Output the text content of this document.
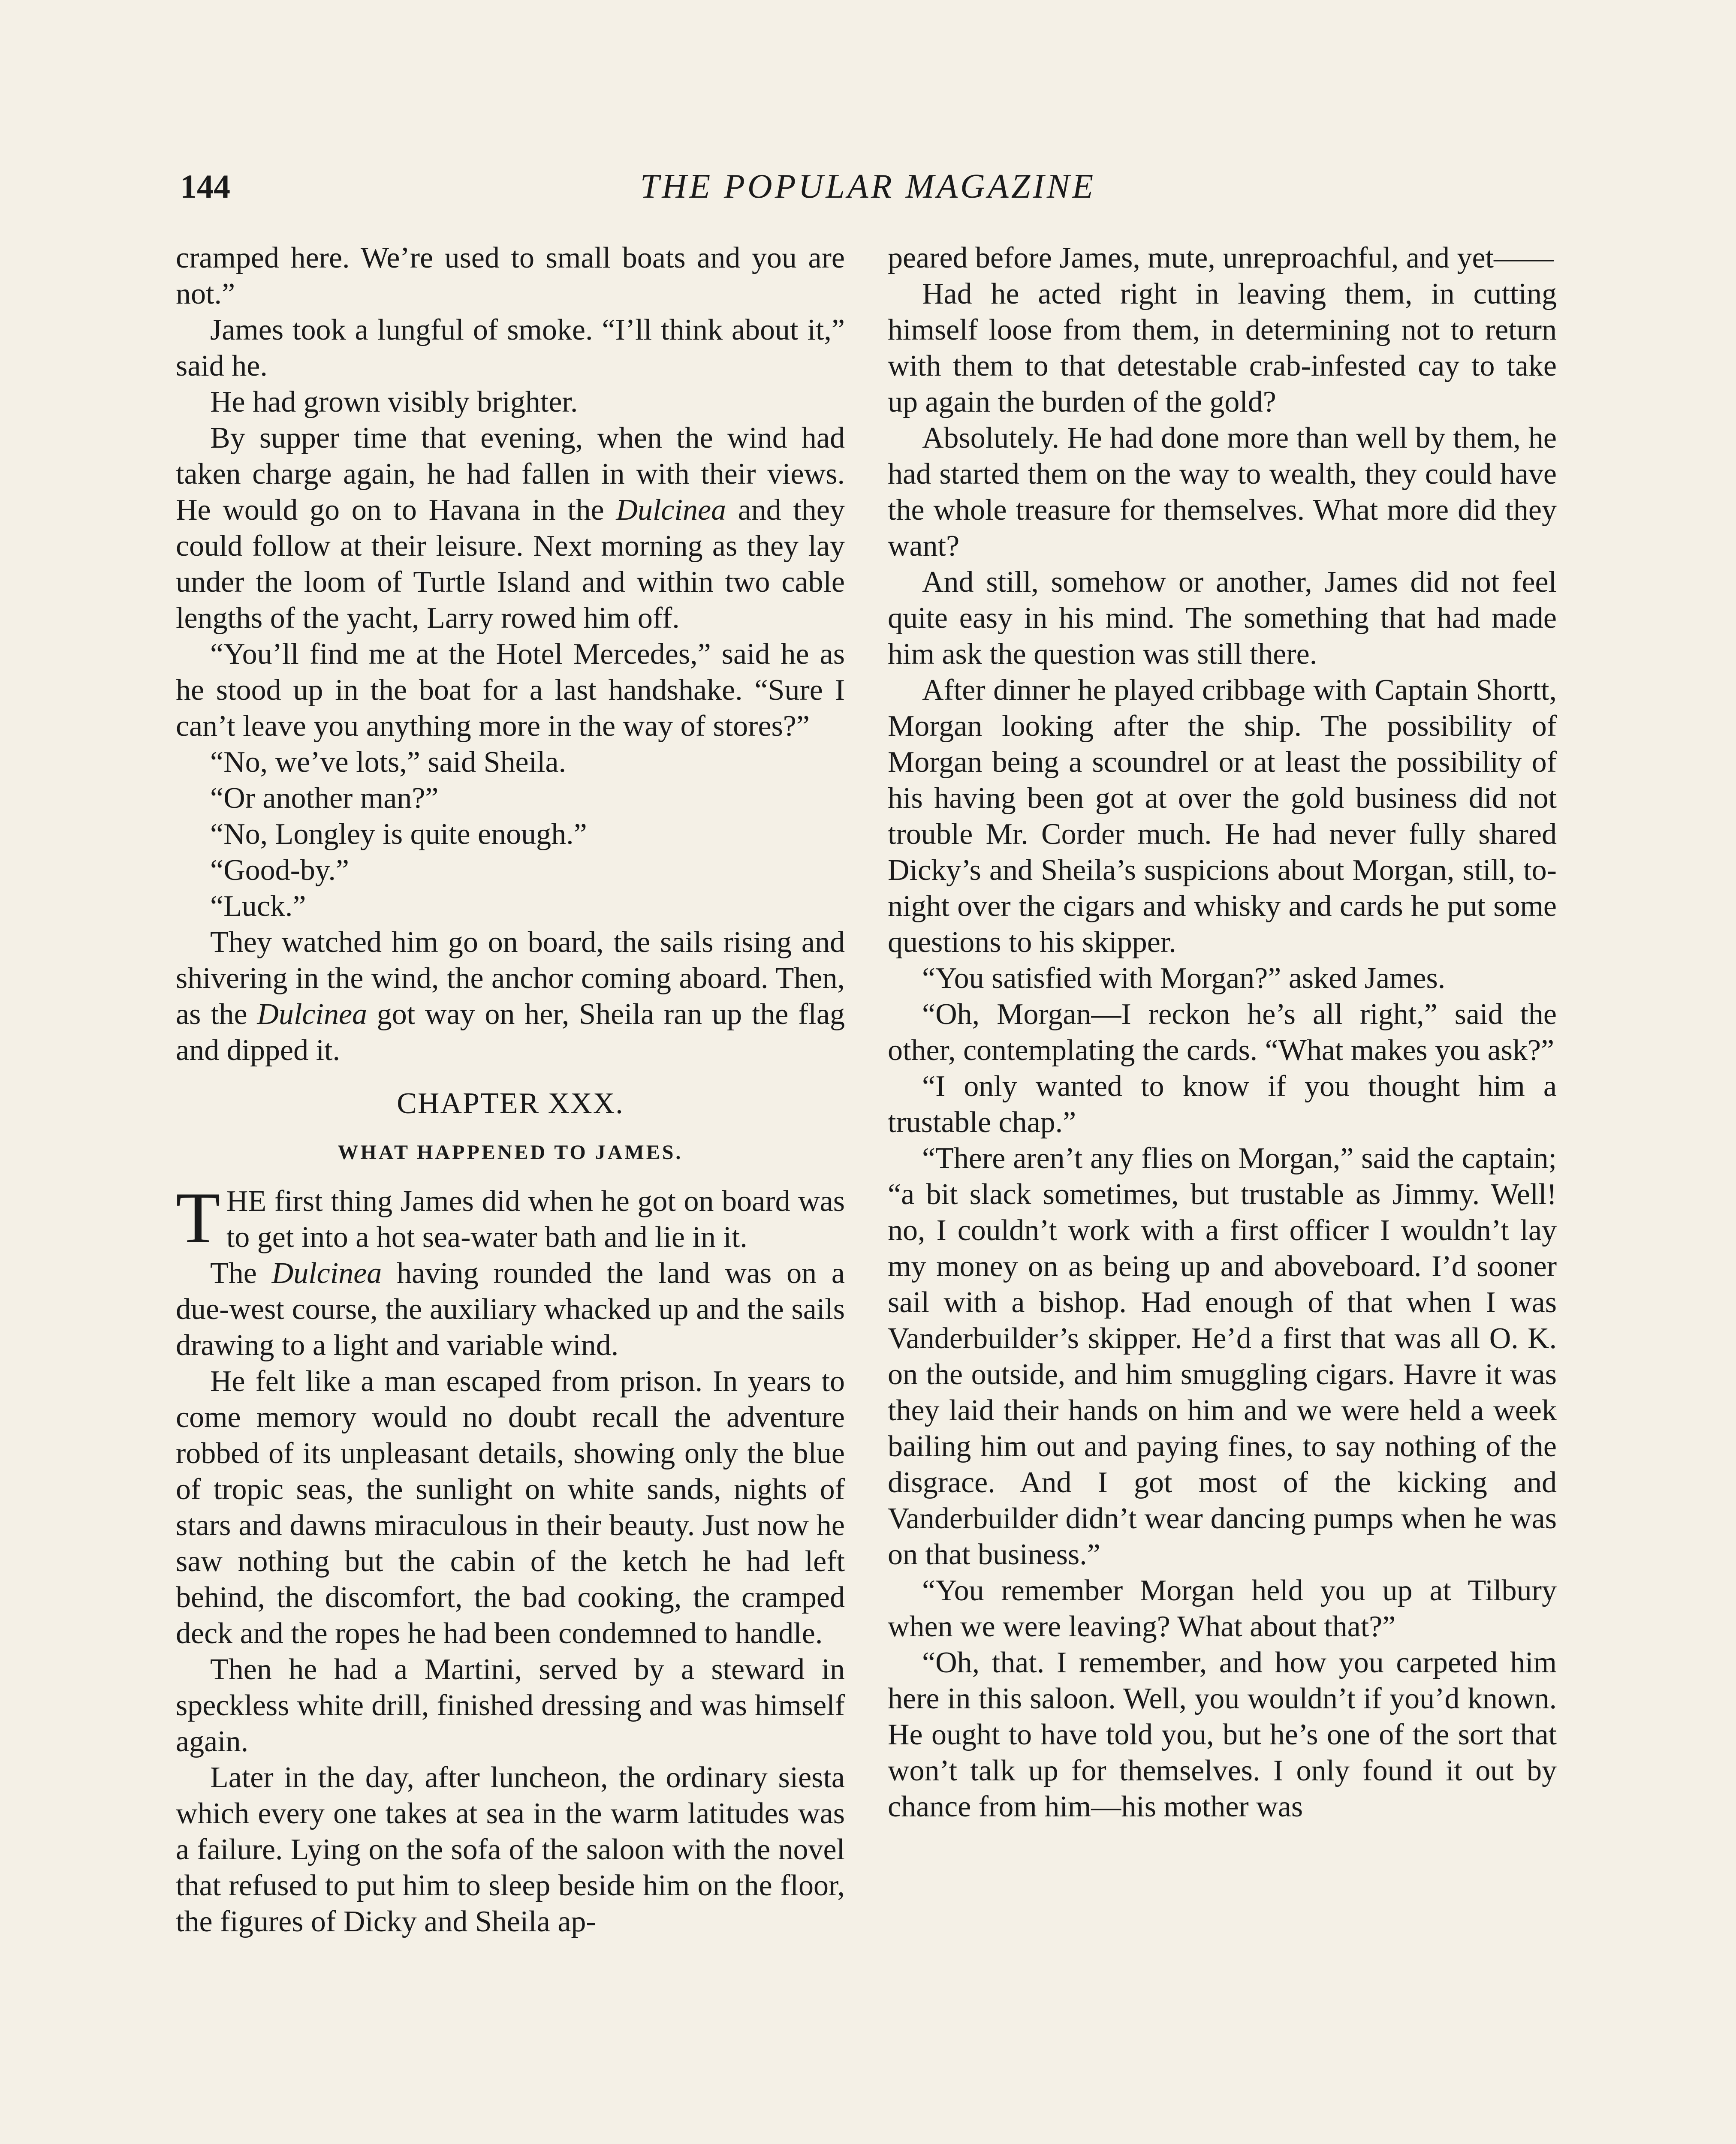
144	THE POPULAR MAGAZINE

cramped here. We’re used to small boats and you are not.”

James took a lungful of smoke. “I’ll think about it,” said he.

He had grown visibly brighter.

By supper time that evening, when the wind had taken charge again, he had fallen in with their views. He would go on to Havana in the Dulcinea and they could follow at their leisure. Next morning as they lay under the loom of Turtle Island and within two cable lengths of the yacht, Larry rowed him off.

“You’ll find me at the Hotel Mercedes,” said he as he stood up in the boat for a last handshake. “Sure I can’t leave you anything more in the way of stores?”

“No, we’ve lots,” said Sheila.

“Or another man?”

“No, Longley is quite enough.”

“Good-by.”

“Luck.”

They watched him go on board, the sails rising and shivering in the wind, the anchor coming aboard. Then, as the Dulcinea got way on her, Sheila ran up the flag and dipped it.

CHAPTER XXX.
WHAT HAPPENED TO JAMES.

THE first thing James did when he got on board was to get into a hot sea-water bath and lie in it.

The Dulcinea having rounded the land was on a due-west course, the auxiliary whacked up and the sails drawing to a light and variable wind.

He felt like a man escaped from prison. In years to come memory would no doubt recall the adventure robbed of its unpleasant details, showing only the blue of tropic seas, the sunlight on white sands, nights of stars and dawns miraculous in their beauty. Just now he saw nothing but the cabin of the ketch he had left behind, the discomfort, the bad cooking, the cramped deck and the ropes he had been condemned to handle.

Then he had a Martini, served by a steward in speckless white drill, finished dressing and was himself again.

Later in the day, after luncheon, the ordinary siesta which every one takes at sea in the warm latitudes was a failure. Lying on the sofa of the saloon with the novel that refused to put him to sleep beside him on the floor, the figures of Dicky and Sheila ap-

peared before James, mute, unreproachful, and yet——

Had he acted right in leaving them, in cutting himself loose from them, in determining not to return with them to that detestable crab-infested cay to take up again the burden of the gold?

Absolutely. He had done more than well by them, he had started them on the way to wealth, they could have the whole treasure for themselves. What more did they want?

And still, somehow or another, James did not feel quite easy in his mind. The something that had made him ask the question was still there.

After dinner he played cribbage with Captain Shortt, Morgan looking after the ship. The possibility of Morgan being a scoundrel or at least the possibility of his having been got at over the gold business did not trouble Mr. Corder much. He had never fully shared Dicky’s and Sheila’s suspicions about Morgan, still, to-night over the cigars and whisky and cards he put some questions to his skipper.

“You satisfied with Morgan?” asked James.

“Oh, Morgan—I reckon he’s all right,” said the other, contemplating the cards. “What makes you ask?”

“I only wanted to know if you thought him a trustable chap.”

“There aren’t any flies on Morgan,” said the captain; “a bit slack sometimes, but trustable as Jimmy. Well! no, I couldn’t work with a first officer I wouldn’t lay my money on as being up and aboveboard. I’d sooner sail with a bishop. Had enough of that when I was Vanderbuilder’s skipper. He’d a first that was all O. K. on the outside, and him smuggling cigars. Havre it was they laid their hands on him and we were held a week bailing him out and paying fines, to say nothing of the disgrace. And I got most of the kicking and Vanderbuilder didn’t wear dancing pumps when he was on that business.”

“You remember Morgan held you up at Tilbury when we were leaving? What about that?”

“Oh, that. I remember, and how you carpeted him here in this saloon. Well, you wouldn’t if you’d known. He ought to have told you, but he’s one of the sort that won’t talk up for themselves. I only found it out by chance from him—his mother was
